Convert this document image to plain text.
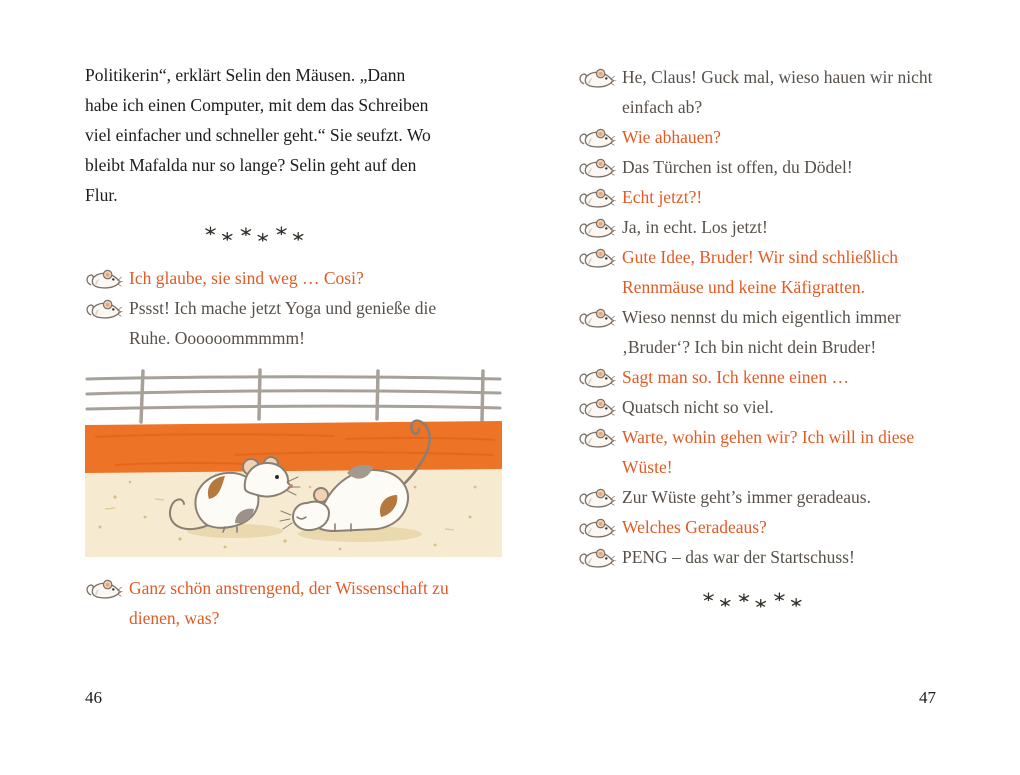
Politikerin“, erklärt Selin den Mäusen. „Dann habe ich einen Computer, mit dem das Schreiben viel einfacher und schneller geht.“ Sie seufzt. Wo bleibt Mafalda nur so lange? Selin geht auf den Flur.

Ich glaube, sie sind weg … Cosi?
Pssst! Ich mache jetzt Yoga und genieße die Ruhe. Oooooommmmm!
Ganz schön anstrengend, der Wissenschaft zu dienen, was?
He, Claus! Guck mal, wieso hauen wir nicht einfach ab?
Wie abhauen?
Das Türchen ist offen, du Dödel!
Echt jetzt?!
Ja, in echt. Los jetzt!
Gute Idee, Bruder! Wir sind schließlich Rennmäuse und keine Käfigratten.
Wieso nennst du mich eigentlich immer ‚Bruder‘? Ich bin nicht dein Bruder!
Sagt man so. Ich kenne einen …
Quatsch nicht so viel.
Warte, wohin gehen wir? Ich will in diese Wüste!
Zur Wüste geht’s immer geradeaus.
Welches Geradeaus?
PENG – das war der Startschuss!
46	47
